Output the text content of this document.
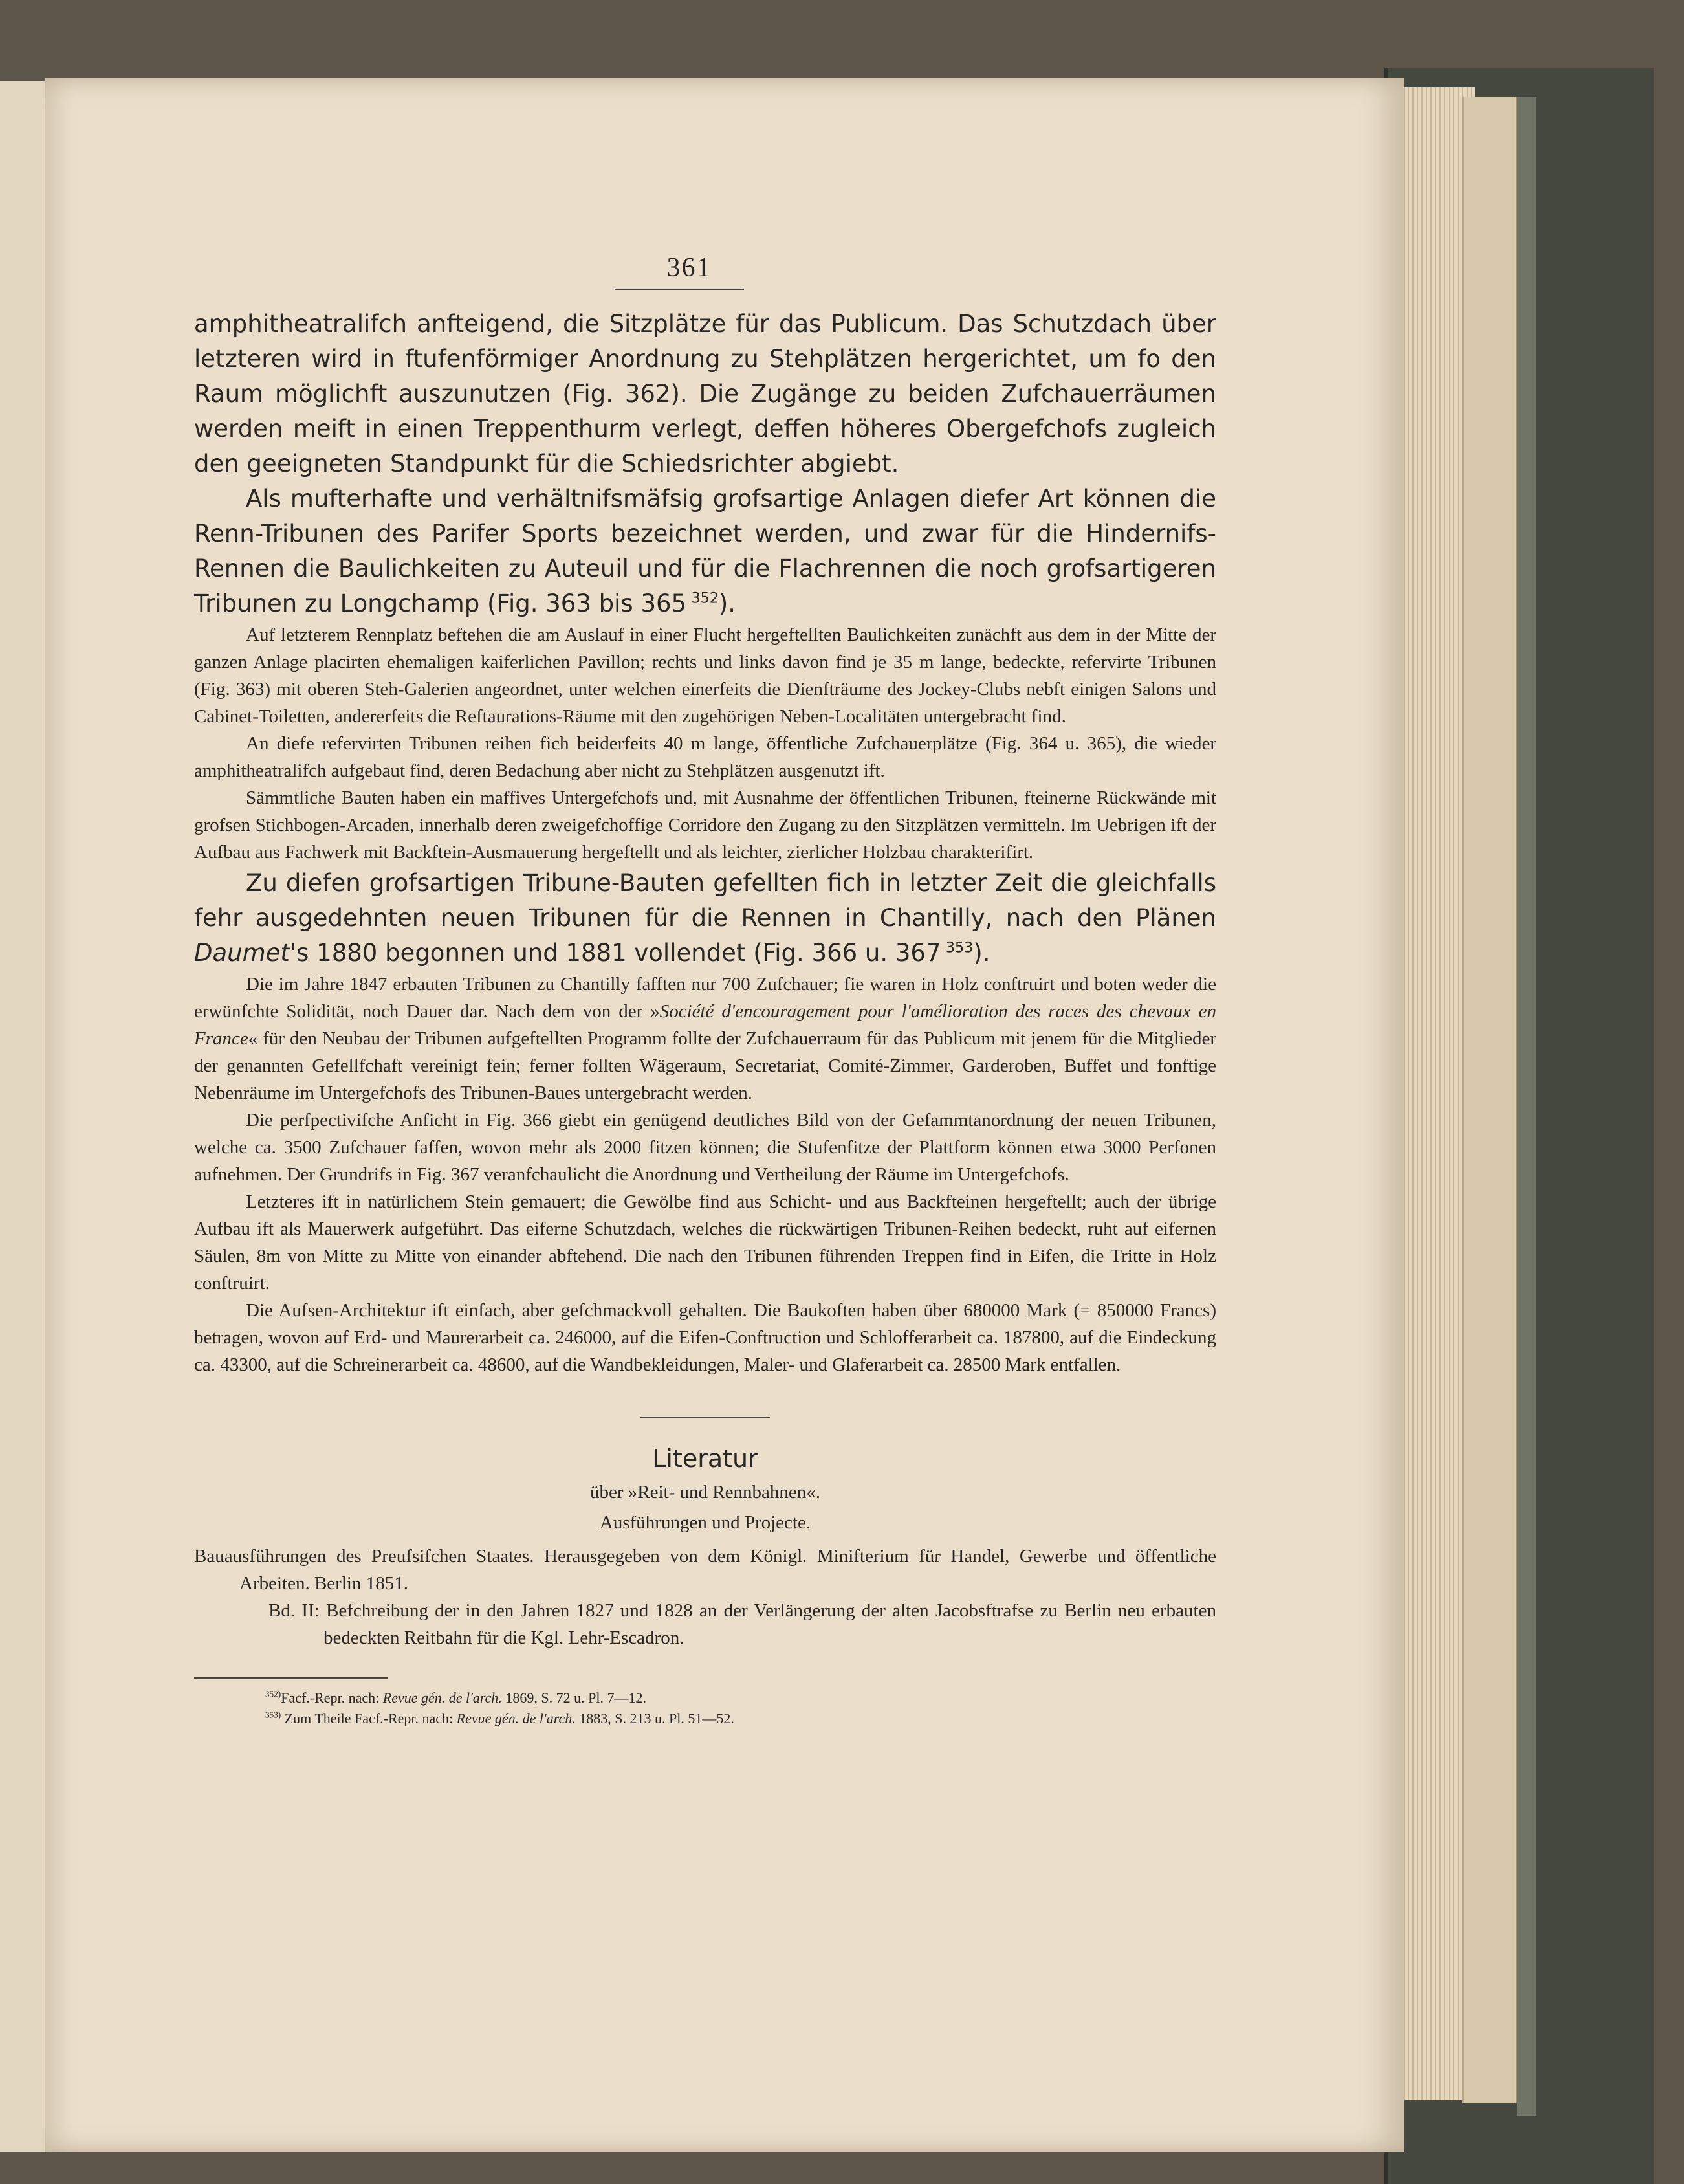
361

amphitheatralifch anfteigend, die Sitzplätze für das Publicum. Das Schutzdach über letzteren wird in ftufenförmiger Anordnung zu Stehplätzen hergerichtet, um fo den Raum möglichft auszunutzen (Fig. 362). Die Zugänge zu beiden Zufchauerräumen werden meift in einen Treppenthurm verlegt, deffen höheres Obergefchofs zugleich den geeigneten Standpunkt für die Schiedsrichter abgiebt.

Als mufterhafte und verhältnifsmäfsig grofsartige Anlagen diefer Art können die Renn-Tribunen des Parifer Sports bezeichnet werden, und zwar für die Hindernifs-Rennen die Baulichkeiten zu Auteuil und für die Flachrennen die noch grofsartigeren Tribunen zu Longchamp (Fig. 363 bis 365  $^{352}$).

Auf letzterem Rennplatz beftehen die am Auslauf in einer Flucht hergeftellten Baulichkeiten zunächft aus dem in der Mitte der ganzen Anlage placirten ehemaligen kaiferlichen Pavillon; rechts und links davon find je 35 m lange, bedeckte, refervirte Tribunen (Fig. 363) mit oberen Steh-Galerien angeordnet, unter welchen einerfeits die Dienfträume des Jockey-Clubs nebft einigen Salons und Cabinet-Toiletten, andererfeits die Reftaurations-Räume mit den zugehörigen Neben-Localitäten untergebracht find.

An diefe refervirten Tribunen reihen fich beiderfeits 40 m lange, öffentliche Zufchauerplätze (Fig. 364 u. 365), die wieder amphitheatralifch aufgebaut find, deren Bedachung aber nicht zu Stehplätzen ausgenutzt ift.

Sämmtliche Bauten haben ein maffives Untergefchofs und, mit Ausnahme der öffentlichen Tribunen, fteinerne Rückwände mit grofsen Stichbogen-Arcaden, innerhalb deren zweigefchoffige Corridore den Zugang zu den Sitzplätzen vermitteln. Im Uebrigen ift der Aufbau aus Fachwerk mit Backftein-Ausmauerung hergeftellt und als leichter, zierlicher Holzbau charakterifirt.

Zu diefen grofsartigen Tribune-Bauten gefellten fich in letzter Zeit die gleichfalls fehr ausgedehnten neuen Tribunen für die Rennen in Chantilly, nach den Plänen Daumet's 1880 begonnen und 1881 vollendet (Fig. 366 u. 367  $^{353}$).

Die im Jahre 1847 erbauten Tribunen zu Chantilly fafften nur 700 Zufchauer; fie waren in Holz conftruirt und boten weder die erwünfchte Solidität, noch Dauer dar. Nach dem von der »Société d'encouragement pour l'amélioration des races des chevaux en France« für den Neubau der Tribunen aufgeftellten Programm follte der Zufchauerraum für das Publicum mit jenem für die Mitglieder der genannten Gefellfchaft vereinigt fein; ferner follten Wägeraum, Secretariat, Comité-Zimmer, Garderoben, Buffet und fonftige Nebenräume im Untergefchofs des Tribunen-Baues untergebracht werden.

Die perfpectivifche Anficht in Fig. 366 giebt ein genügend deutliches Bild von der Gefammtanordnung der neuen Tribunen, welche ca. 3500 Zufchauer faffen, wovon mehr als 2000 fitzen können; die Stufenfitze der Plattform können etwa 3000 Perfonen aufnehmen. Der Grundrifs in Fig. 367 veranfchaulicht die Anordnung und Vertheilung der Räume im Untergefchofs.

Letzteres ift in natürlichem Stein gemauert; die Gewölbe find aus Schicht- und aus Backfteinen hergeftellt; auch der übrige Aufbau ift als Mauerwerk aufgeführt. Das eiferne Schutzdach, welches die rückwärtigen Tribunen-Reihen bedeckt, ruht auf eifernen Säulen, 8m von Mitte zu Mitte von einander abftehend. Die nach den Tribunen führenden Treppen find in Eifen, die Tritte in Holz conftruirt.

Die Aufsen-Architektur ift einfach, aber gefchmackvoll gehalten. Die Baukoften haben über 680000 Mark (= 850000 Francs) betragen, wovon auf Erd- und Maurerarbeit ca. 246000, auf die Eifen-Conftruction und Schlofferarbeit ca. 187800, auf die Eindeckung ca. 43300, auf die Schreinerarbeit ca. 48600, auf die Wandbekleidungen, Maler- und Glaferarbeit ca. 28500 Mark entfallen.

Literatur

über »Reit- und Rennbahnen«.

Ausführungen und Projecte.

Bauausführungen des Preufsifchen Staates. Herausgegeben von dem Königl. Minifterium für Handel, Gewerbe und öffentliche Arbeiten. Berlin 1851.

Bd. II: Befchreibung der in den Jahren 1827 und 1828 an der Verlängerung der alten Jacobsftrafse zu Berlin neu erbauten bedeckten Reitbahn für die Kgl. Lehr-Escadron.

$^{352)}$Facf.-Repr. nach: Revue gén. de l'arch. 1869, S. 72 u. Pl. 7—12.

$^{353)}$ Zum Theile Facf.-Repr. nach: Revue gén. de l'arch. 1883, S. 213 u. Pl. 51—52.
